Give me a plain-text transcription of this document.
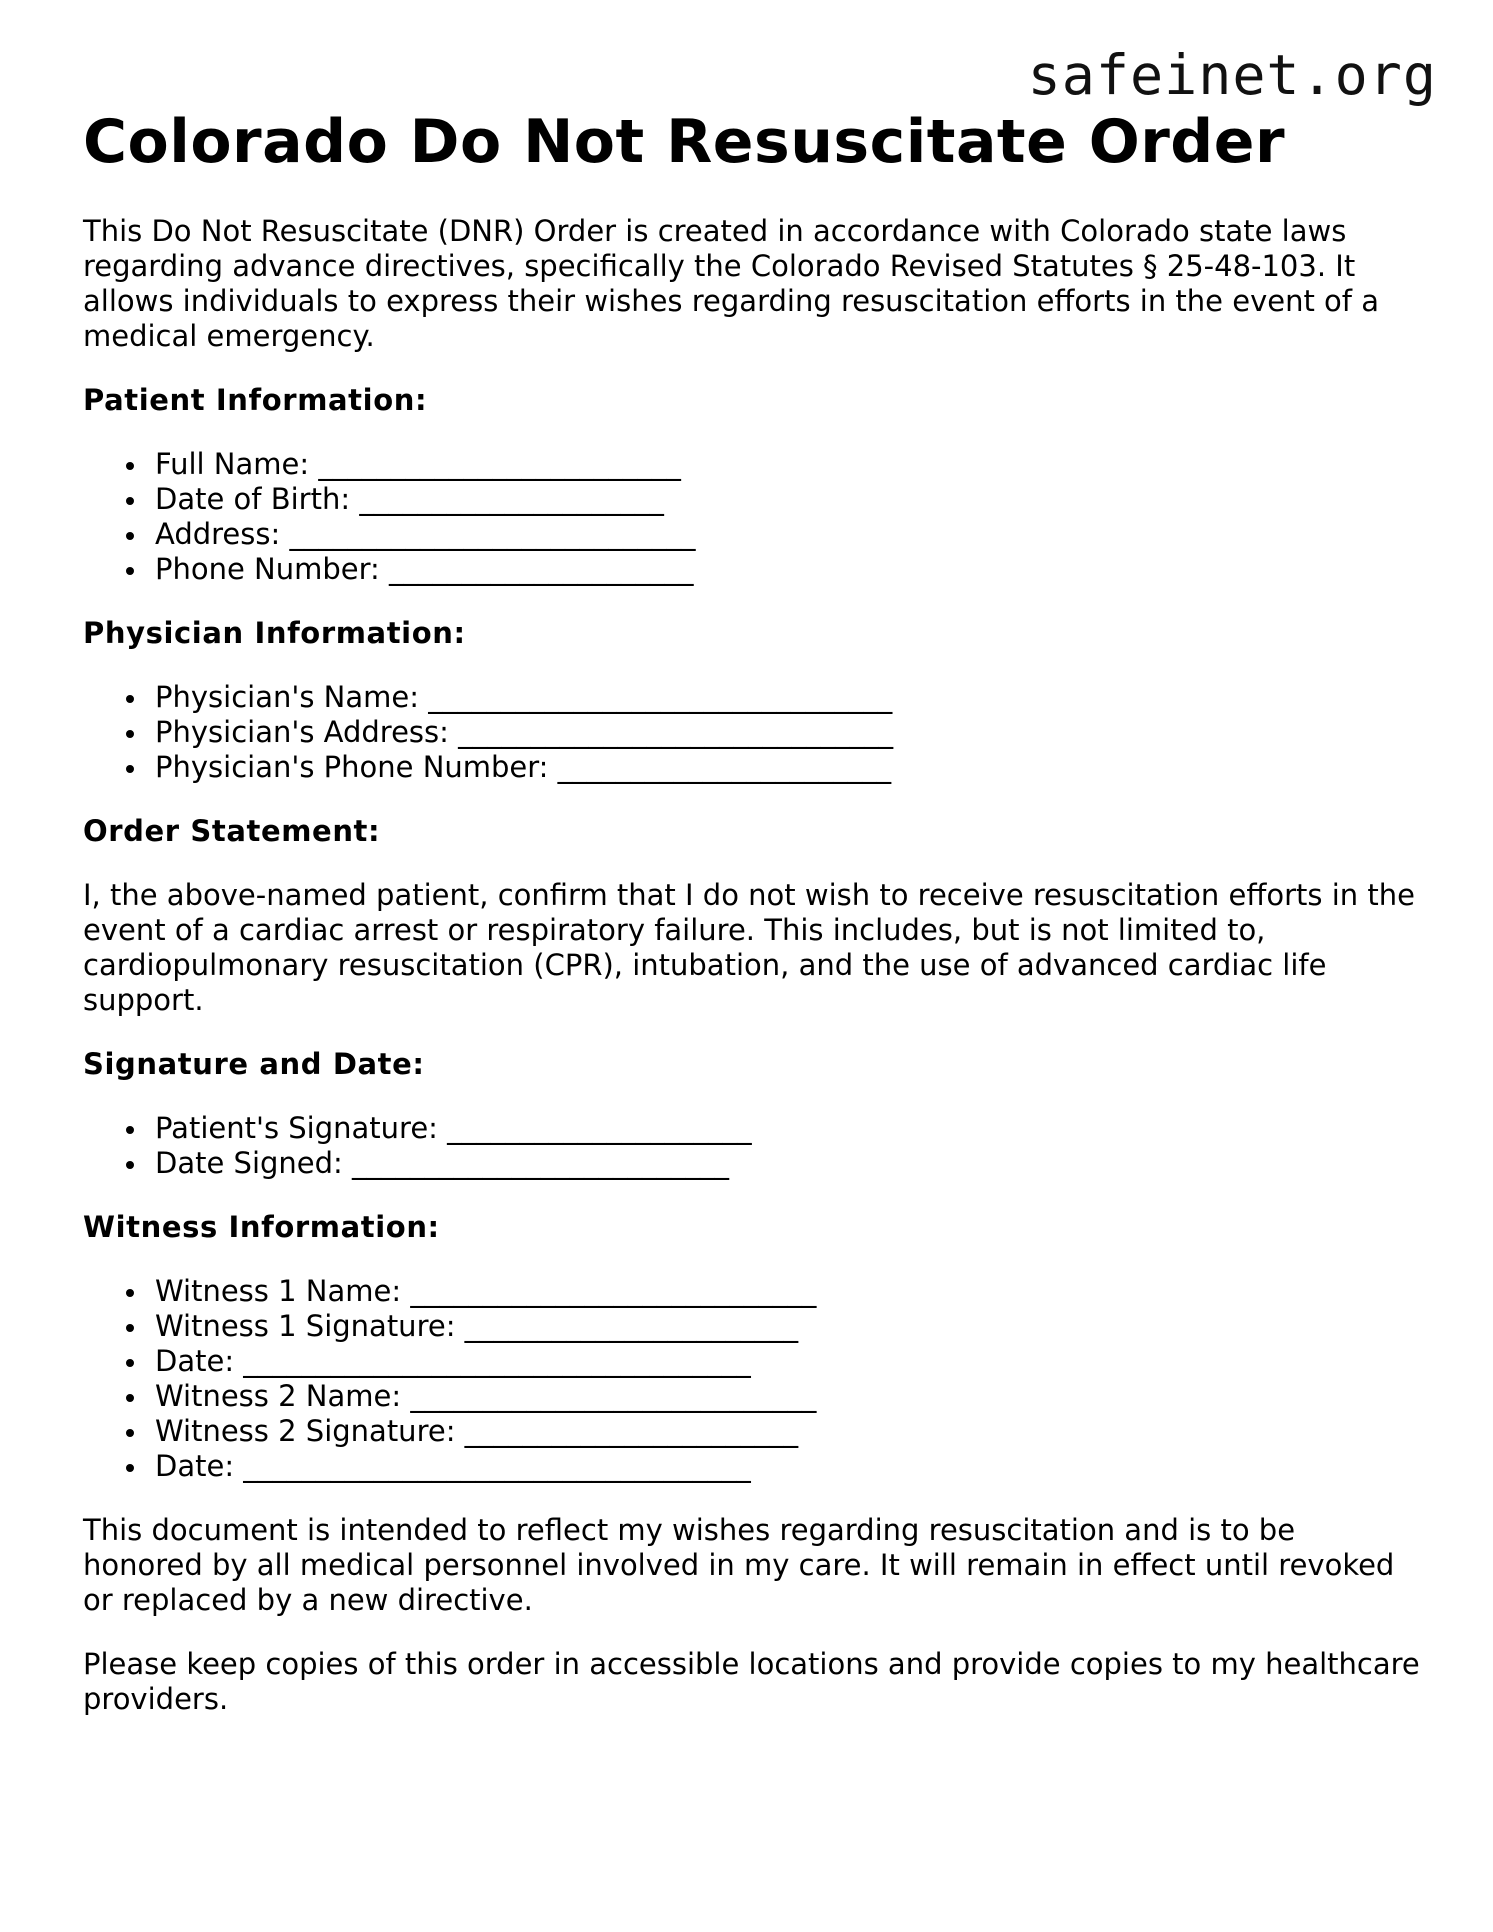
safeinet.org
Colorado Do Not Resuscitate Order

This Do Not Resuscitate (DNR) Order is created in accordance with Colorado state laws regarding advance directives, specifically the Colorado Revised Statutes § 25-48-103. It allows individuals to express their wishes regarding resuscitation efforts in the event of a medical emergency.

Patient Information:
Full Name: _________________________
Date of Birth: _____________________
Address: ____________________________
Phone Number: _____________________
Physician Information:
Physician's Name: ________________________________
Physician's Address: ______________________________
Physician's Phone Number: _______________________
Order Statement:

I, the above-named patient, confirm that I do not wish to receive resuscitation efforts in the event of a cardiac arrest or respiratory failure. This includes, but is not limited to, cardiopulmonary resuscitation (CPR), intubation, and the use of advanced cardiac life support.

Signature and Date:
Patient's Signature: _____________________
Date Signed: __________________________
Witness Information:
Witness 1 Name: ____________________________
Witness 1 Signature: _______________________
Date: ___________________________________
Witness 2 Name: ____________________________
Witness 2 Signature: _______________________
Date: ___________________________________

This document is intended to reflect my wishes regarding resuscitation and is to be honored by all medical personnel involved in my care. It will remain in effect until revoked or replaced by a new directive.

Please keep copies of this order in accessible locations and provide copies to my healthcare providers.
